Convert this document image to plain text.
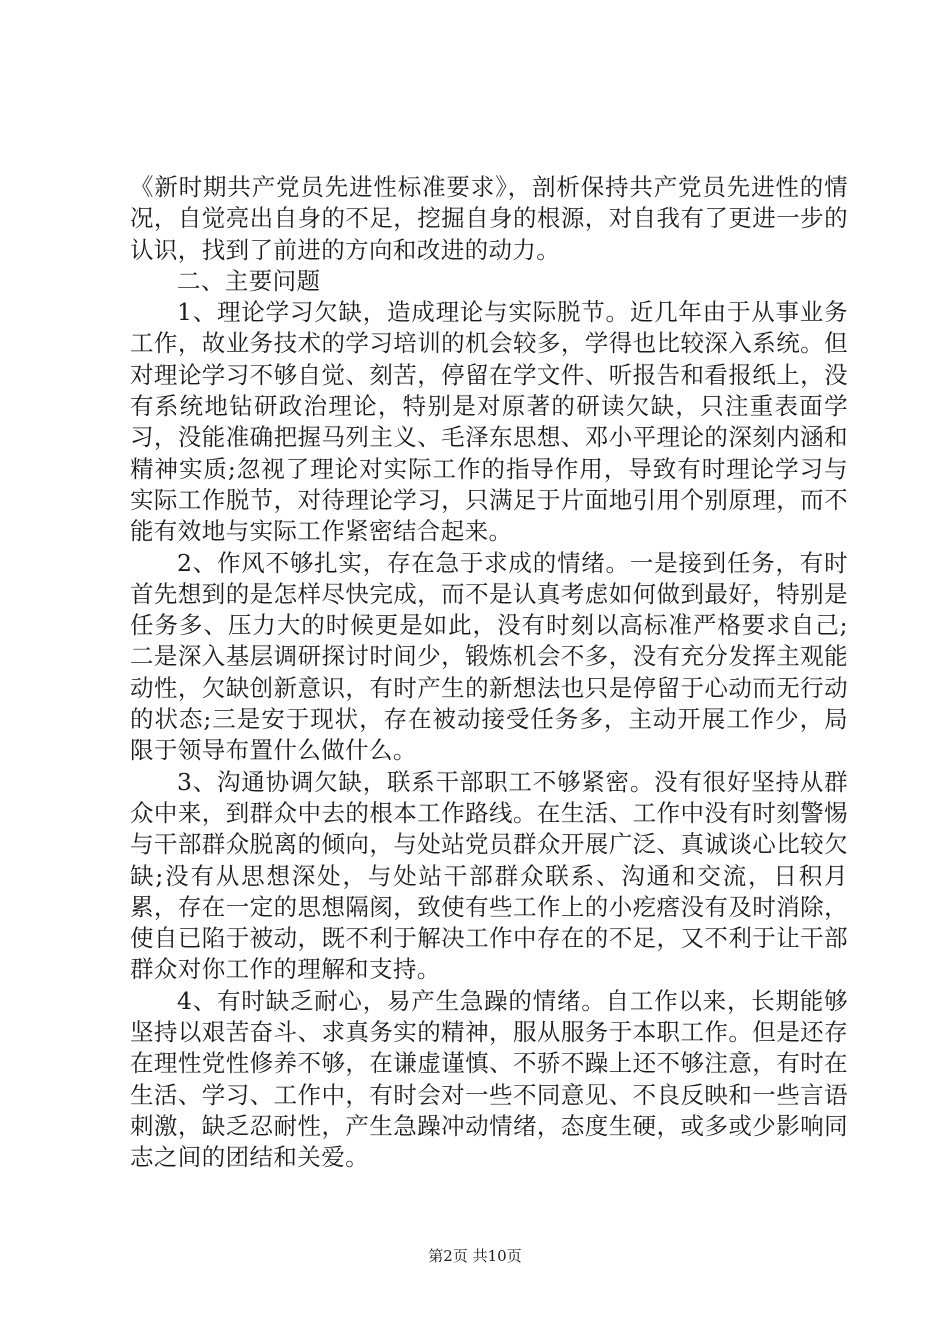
《新时期共产党员先进性标准要求》，剖析保持共产党员先进性的情况，自觉亮出自身的不足，挖掘自身的根源，对自我有了更进一步的认识，找到了前进的方向和改进的动力。

二、主要问题

1、理论学习欠缺，造成理论与实际脱节。近几年由于从事业务工作，故业务技术的学习培训的机会较多，学得也比较深入系统。但对理论学习不够自觉、刻苦，停留在学文件、听报告和看报纸上，没有系统地钻研政治理论，特别是对原著的研读欠缺，只注重表面学习，没能准确把握马列主义、毛泽东思想、邓小平理论的深刻内涵和精神实质;忽视了理论对实际工作的指导作用，导致有时理论学习与实际工作脱节，对待理论学习，只满足于片面地引用个别原理，而不能有效地与实际工作紧密结合起来。

2、作风不够扎实，存在急于求成的情绪。一是接到任务，有时首先想到的是怎样尽快完成，而不是认真考虑如何做到最好，特别是任务多、压力大的时候更是如此，没有时刻以高标准严格要求自己;二是深入基层调研探讨时间少，锻炼机会不多，没有充分发挥主观能动性，欠缺创新意识，有时产生的新想法也只是停留于心动而无行动的状态;三是安于现状，存在被动接受任务多，主动开展工作少，局限于领导布置什么做什么。

3、沟通协调欠缺，联系干部职工不够紧密。没有很好坚持从群众中来，到群众中去的根本工作路线。在生活、工作中没有时刻警惕与干部群众脱离的倾向，与处站党员群众开展广泛、真诚谈心比较欠缺;没有从思想深处，与处站干部群众联系、沟通和交流，日积月累，存在一定的思想隔阂，致使有些工作上的小疙瘩没有及时消除，使自已陷于被动，既不利于解决工作中存在的不足，又不利于让干部群众对你工作的理解和支持。

4、有时缺乏耐心，易产生急躁的情绪。自工作以来，长期能够坚持以艰苦奋斗、求真务实的精神，服从服务于本职工作。但是还存在理性党性修养不够，在谦虚谨慎、不骄不躁上还不够注意，有时在生活、学习、工作中，有时会对一些不同意见、不良反映和一些言语刺激，缺乏忍耐性，产生急躁冲动情绪，态度生硬，或多或少影响同志之间的团结和关爱。

第2页 共10页
